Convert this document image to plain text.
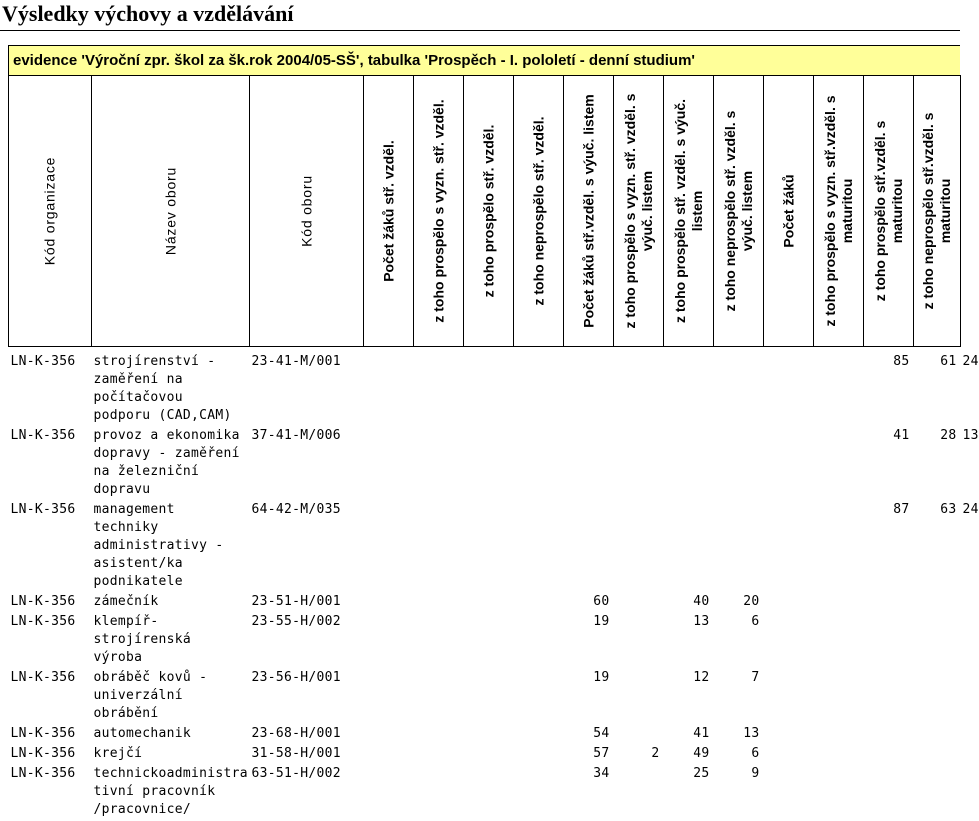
Výsledky výchovy a vzdělávání
evidence 'Výroční zpr. škol za šk.rok 2004/05-SŠ', tabulka 'Prospěch - I. pololetí - denní studium'
Kód organizace	Název oboru	Kód oboru	Počet žáků stř. vzděl.	z toho prospělo s vyzn. stř. vzděl.	z toho prospělo stř. vzděl.	z toho neprospělo stř. vzděl.	Počet žáků stř.vzděl. s výuč. listem	z toho prospělo s vyzn. stř. vzděl. s výuč. listem	z toho prospělo stř. vzděl. s výuč. listem	z toho neprospělo stř. vzděl. s výuč. listem	Počet žáků	z toho prospělo s vyzn. stř.vzděl. s maturitou	z toho prospělo stř.vzděl. s maturitou	z toho neprospělo stř.vzděl. s maturitou	

LN-K-356	strojírenství - zaměření na počítačovou podporu (CAD,CAM)	23-41-M/001											85	61	24
LN-K-356	provoz a ekonomika dopravy - zaměření na železniční dopravu	37-41-M/006											41	28	13
LN-K-356	management techniky administrativy - asistent/ka podnikatele	64-42-M/035											87	63	24
LN-K-356	zámečník	23-51-H/001					60		40	20					
LN-K-356	klempíř-strojírenská výroba	23-55-H/002					19		13	6					
LN-K-356	obráběč kovů - univerzální obrábění	23-56-H/001					19		12	7					
LN-K-356	automechanik	23-68-H/001					54		41	13					
LN-K-356	krejčí	31-58-H/001					57	2	49	6					
LN-K-356	technickoadministra tivní pracovník /pracovnice/	63-51-H/002					34		25	9					
